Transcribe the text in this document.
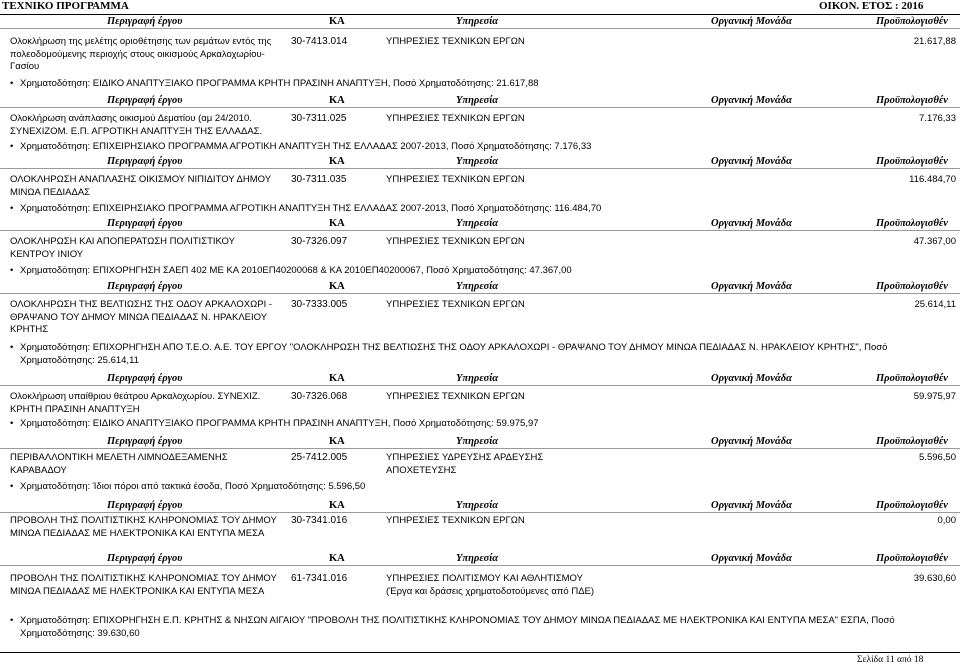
ΤΕΧΝΙΚΟ ΠΡΟΓΡΑΜΜΑ	ΟΙΚΟΝ. ΕΤΟΣ : 2016
Περιγραφή έργου	ΚΑ	Υπηρεσία	Οργανική Μονάδα	Προϋπολογισθέν
Περιγραφή έργου	ΚΑ	Υπηρεσία	Οργανική Μονάδα	Προϋπολογισθέν
Περιγραφή έργου	ΚΑ	Υπηρεσία	Οργανική Μονάδα	Προϋπολογισθέν
Περιγραφή έργου	ΚΑ	Υπηρεσία	Οργανική Μονάδα	Προϋπολογισθέν
Περιγραφή έργου	ΚΑ	Υπηρεσία	Οργανική Μονάδα	Προϋπολογισθέν
Περιγραφή έργου	ΚΑ	Υπηρεσία	Οργανική Μονάδα	Προϋπολογισθέν
Περιγραφή έργου	ΚΑ	Υπηρεσία	Οργανική Μονάδα	Προϋπολογισθέν
Περιγραφή έργου	ΚΑ	Υπηρεσία	Οργανική Μονάδα	Προϋπολογισθέν
Περιγραφή έργου	ΚΑ	Υπηρεσία	Οργανική Μονάδα	Προϋπολογισθέν
Ολοκλήρωση της μελέτης οριοθέτησης των ρεμάτων εντός της πολεοδομούμενης περιοχής στους οικισμούς Αρκαλοχωρίου- Γασίου
30-7413.014	ΥΠΗΡΕΣΙΕΣ ΤΕΧΝΙΚΩΝ ΕΡΓΩΝ	21.617,88
• Χρηματοδότηση: ΕΙΔΙΚΟ ΑΝΑΠΤΥΞΙΑΚΟ ΠΡΟΓΡΑΜΜΑ ΚΡΗΤΗ ΠΡΑΣΙΝΗ ΑΝΑΠΤΥΞΗ, Ποσό Χρηματοδότησης: 21.617,88
Ολοκλήρωση ανάπλασης οικισμού Δεματίου (αμ 24/2010. ΣΥΝΕΧΙΖΟΜ. Ε.Π. ΑΓΡΟΤΙΚΗ ΑΝΑΠΤΥΞΗ ΤΗΣ ΕΛΛΑΔΑΣ.
30-7311.025	ΥΠΗΡΕΣΙΕΣ ΤΕΧΝΙΚΩΝ ΕΡΓΩΝ	7.176,33
• Χρηματοδότηση: ΕΠΙΧΕΙΡΗΣΙΑΚΟ ΠΡΟΓΡΑΜΜΑ ΑΓΡΟΤΙΚΗ ΑΝΑΠΤΥΞΗ ΤΗΣ ΕΛΛΑΔΑΣ 2007-2013, Ποσό Χρηματοδότησης: 7.176,33
ΟΛΟΚΛΗΡΩΣΗ ΑΝΑΠΛΑΣΗΣ ΟΙΚΙΣΜΟΥ ΝΙΠΙΔΙΤΟΥ ΔΗΜΟΥ ΜΙΝΩΑ ΠΕΔΙΑΔΑΣ
30-7311.035	ΥΠΗΡΕΣΙΕΣ ΤΕΧΝΙΚΩΝ ΕΡΓΩΝ	116.484,70
• Χρηματοδότηση: ΕΠΙΧΕΙΡΗΣΙΑΚΟ ΠΡΟΓΡΑΜΜΑ ΑΓΡΟΤΙΚΗ ΑΝΑΠΤΥΞΗ ΤΗΣ ΕΛΛΑΔΑΣ 2007-2013, Ποσό Χρηματοδότησης: 116.484,70
ΟΛΟΚΛΗΡΩΣΗ ΚΑΙ ΑΠΟΠΕΡΑΤΩΣΗ ΠΟΛΙΤΙΣΤΙΚΟΥ ΚΕΝΤΡΟΥ ΙΝΙΟΥ
30-7326.097	ΥΠΗΡΕΣΙΕΣ ΤΕΧΝΙΚΩΝ ΕΡΓΩΝ	47.367,00
• Χρηματοδότηση: ΕΠΙΧΟΡΗΓΗΣΗ ΣΑΕΠ 402 ΜΕ ΚΑ 2010ΕΠ40200068 & ΚΑ 2010ΕΠ40200067, Ποσό Χρηματοδότησης: 47.367,00
ΟΛΟΚΛΗΡΩΣΗ ΤΗΣ ΒΕΛΤΙΩΣΗΣ ΤΗΣ ΟΔΟΥ ΑΡΚΑΛΟΧΩΡΙ - ΘΡΑΨΑΝΟ ΤΟΥ ΔΗΜΟΥ ΜΙΝΩΑ ΠΕΔΙΑΔΑΣ Ν. ΗΡΑΚΛΕΙΟΥ ΚΡΗΤΗΣ
30-7333.005	ΥΠΗΡΕΣΙΕΣ ΤΕΧΝΙΚΩΝ ΕΡΓΩΝ	25.614,11
• Χρηματοδότηση: ΕΠΙΧΟΡΗΓΗΣΗ ΑΠΟ Τ.Ε.Ο. Α.Ε. ΤΟΥ ΕΡΓΟΥ "ΟΛΟΚΛΗΡΩΣΗ ΤΗΣ ΒΕΛΤΙΩΣΗΣ ΤΗΣ ΟΔΟΥ ΑΡΚΑΛΟΧΩΡΙ - ΘΡΑΨΑΝΟ ΤΟΥ ΔΗΜΟΥ ΜΙΝΩΑ ΠΕΔΙΑΔΑΣ Ν. ΗΡΑΚΛΕΙΟΥ ΚΡΗΤΗΣ", Ποσό Χρηματοδότησης: 25.614,11
Ολοκλήρωση υπαίθριου θεάτρου Αρκαλοχωρίου. ΣΥΝΕΧΙΖ. ΚΡΗΤΗ ΠΡΑΣΙΝΗ ΑΝΑΠΤΥΞΗ
30-7326.068	ΥΠΗΡΕΣΙΕΣ ΤΕΧΝΙΚΩΝ ΕΡΓΩΝ	59.975,97
• Χρηματοδότηση: ΕΙΔΙΚΟ ΑΝΑΠΤΥΞΙΑΚΟ ΠΡΟΓΡΑΜΜΑ ΚΡΗΤΗ ΠΡΑΣΙΝΗ ΑΝΑΠΤΥΞΗ, Ποσό Χρηματοδότησης: 59.975,97
ΠΕΡΙΒΑΛΛΟΝΤΙΚΗ ΜΕΛΕΤΗ ΛΙΜΝΟΔΕΞΑΜΕΝΗΣ ΚΑΡΑΒΑΔΟΥ
25-7412.005	ΥΠΗΡΕΣΙΕΣ ΥΔΡΕΥΣΗΣ ΑΡΔΕΥΣΗΣ ΑΠΟΧΕΤΕΥΣΗΣ
5.596,50
• Χρηματοδότηση: Ίδιοι πόροι από τακτικά έσοδα, Ποσό Χρηματοδότησης: 5.596,50
ΠΡΟΒΟΛΗ ΤΗΣ ΠΟΛΙΤΙΣΤΙΚΗΣ ΚΛΗΡΟΝΟΜΙΑΣ ΤΟΥ ΔΗΜΟΥ ΜΙΝΩΑ ΠΕΔΙΑΔΑΣ ΜΕ ΗΛΕΚΤΡΟΝΙΚΑ ΚΑΙ ΕΝΤΥΠΑ ΜΕΣΑ
30-7341.016	ΥΠΗΡΕΣΙΕΣ ΤΕΧΝΙΚΩΝ ΕΡΓΩΝ	0,00
ΠΡΟΒΟΛΗ ΤΗΣ ΠΟΛΙΤΙΣΤΙΚΗΣ ΚΛΗΡΟΝΟΜΙΑΣ ΤΟΥ ΔΗΜΟΥ ΜΙΝΩΑ ΠΕΔΙΑΔΑΣ ΜΕ ΗΛΕΚΤΡΟΝΙΚΑ ΚΑΙ ΕΝΤΥΠΑ ΜΕΣΑ
61-7341.016	ΥΠΗΡΕΣΙΕΣ ΠΟΛΙΤΙΣΜΟΥ ΚΑΙ ΑΘΛΗΤΙΣΜΟΥ (Έργα και δράσεις χρηματοδοτούμενες από ΠΔΕ)
39.630,60
• Χρηματοδότηση: ΕΠΙΧΟΡΗΓΗΣΗ Ε.Π. ΚΡΗΤΗΣ & ΝΗΣΩΝ ΑΙΓΑΙΟΥ "ΠΡΟΒΟΛΗ ΤΗΣ ΠΟΛΙΤΙΣΤΙΚΗΣ ΚΛΗΡΟΝΟΜΙΑΣ ΤΟΥ ΔΗΜΟΥ ΜΙΝΩΑ ΠΕΔΙΑΔΑΣ ΜΕ ΗΛΕΚΤΡΟΝΙΚΑ ΚΑΙ ΕΝΤΥΠΑ ΜΕΣΑ" ΕΣΠΑ, Ποσό Χρηματοδότησης: 39.630,60
Σελίδα 11 από 18
